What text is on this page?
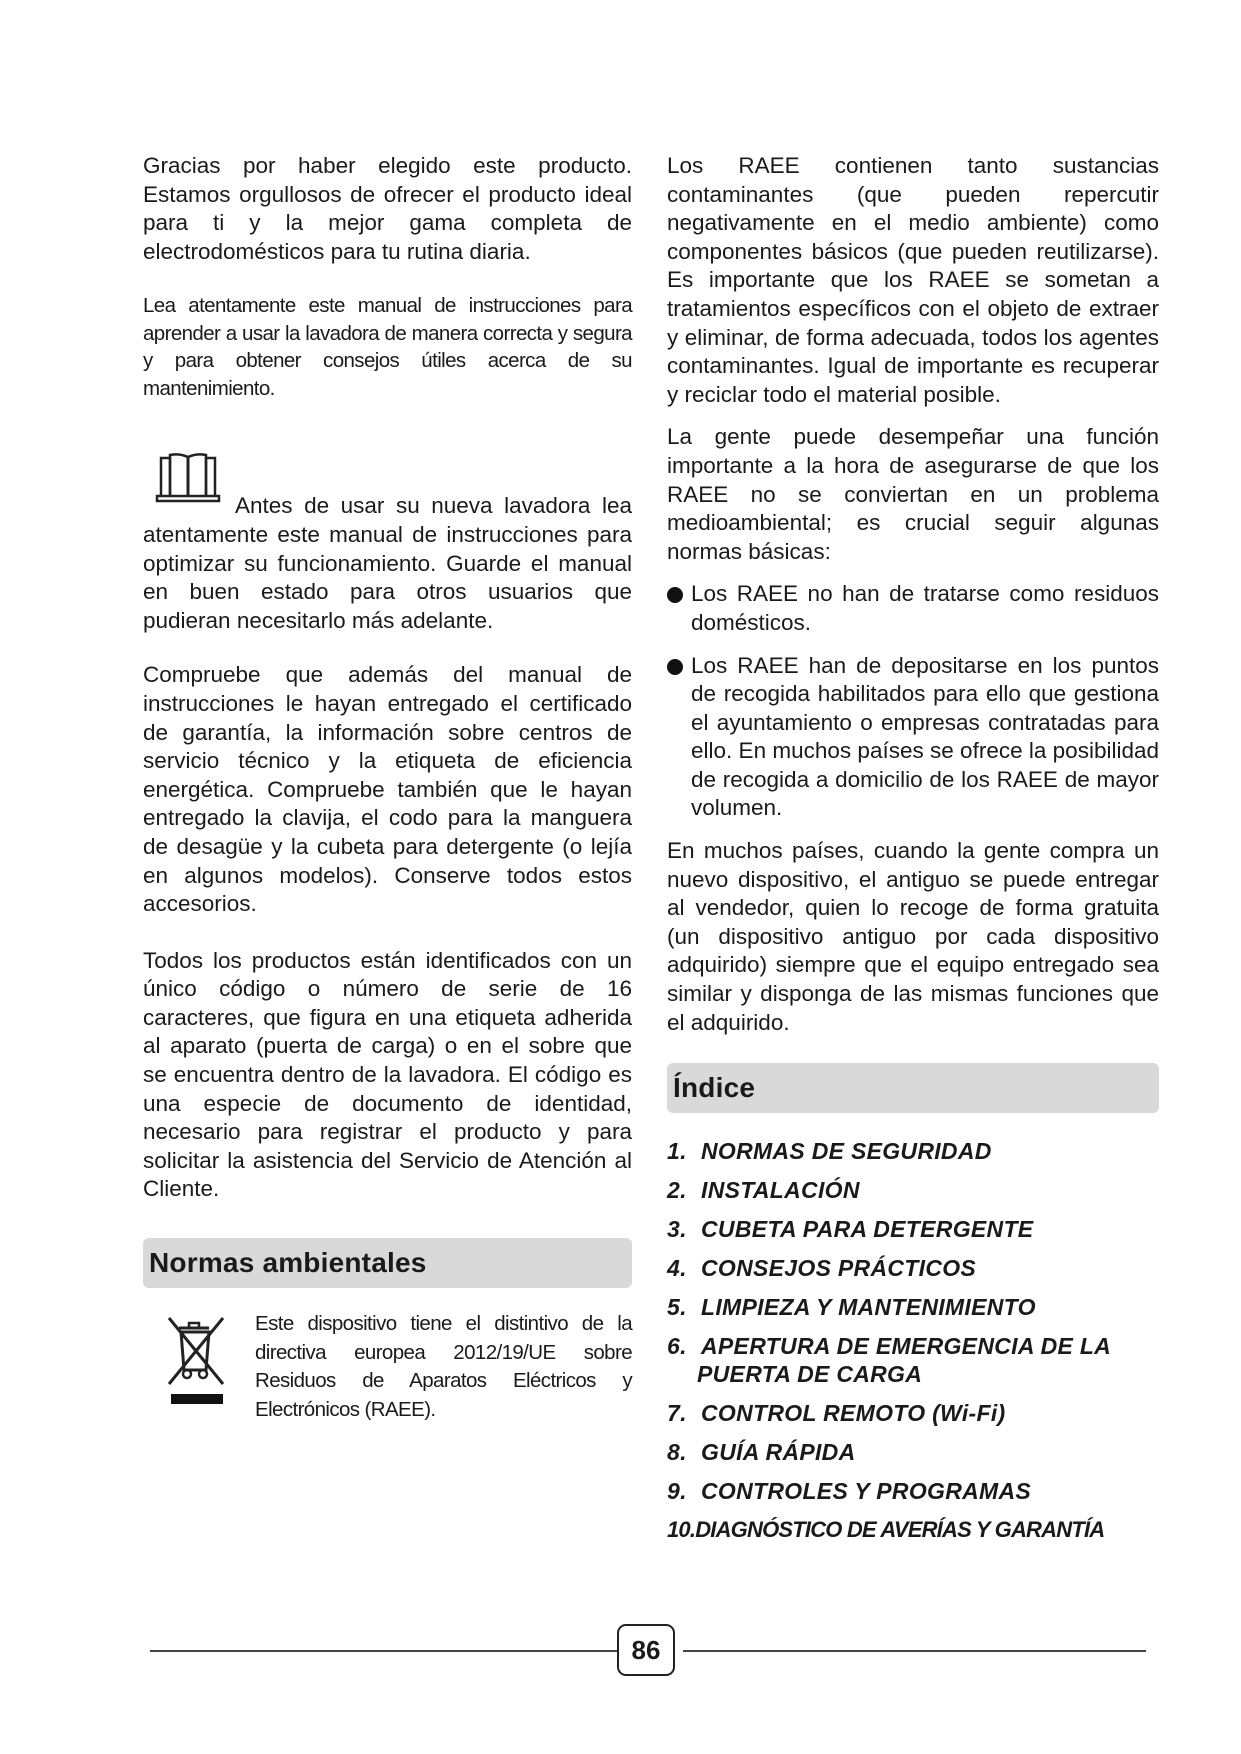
Gracias por haber elegido este producto. Estamos orgullosos de ofrecer el producto ideal para ti y la mejor gama completa de electrodomésticos para tu rutina diaria.

Lea atentamente este manual de instrucciones para aprender a usar la lavadora de manera correcta y segura y para obtener consejos útiles acerca de su mantenimiento.

Antes de usar su nueva lavadora lea atentamente este manual de instrucciones para optimizar su funcionamiento. Guarde el manual en buen estado para otros usuarios que pudieran necesitarlo más adelante.

Compruebe que además del manual de instrucciones le hayan entregado el certificado de garantía, la información sobre centros de servicio técnico y la etiqueta de eficiencia energética. Compruebe también que le hayan entregado la clavija, el codo para la manguera de desagüe y la cubeta para detergente (o lejía en algunos modelos). Conserve todos estos accesorios.

Todos los productos están identificados con un único código o número de serie de 16 caracteres, que figura en una etiqueta adherida al aparato (puerta de carga) o en el sobre que se encuentra dentro de la lavadora. El código es una especie de documento de identidad, necesario para registrar el producto y para solicitar la asistencia del Servicio de Atención al Cliente.

Normas ambientales

Este dispositivo tiene el distintivo de la directiva europea 2012/19/UE sobre Residuos de Aparatos Eléctricos y Electrónicos (RAEE).

Los RAEE contienen tanto sustancias contaminantes (que pueden repercutir negativamente en el medio ambiente) como componentes básicos (que pueden reutilizarse). Es importante que los RAEE se sometan a tratamientos específicos con el objeto de extraer y eliminar, de forma adecuada, todos los agentes contaminantes. Igual de importante es recuperar y reciclar todo el material posible.

La gente puede desempeñar una función importante a la hora de asegurarse de que los RAEE no se conviertan en un problema medioambiental; es crucial seguir algunas normas básicas:

Los RAEE no han de tratarse como residuos domésticos.

Los RAEE han de depositarse en los puntos de recogida habilitados para ello que gestiona el ayuntamiento o empresas contratadas para ello. En muchos países se ofrece la posibilidad de recogida a domicilio de los RAEE de mayor volumen.

En muchos países, cuando la gente compra un nuevo dispositivo, el antiguo se puede entregar al vendedor, quien lo recoge de forma gratuita (un dispositivo antiguo por cada dispositivo adquirido) siempre que el equipo entregado sea similar y disponga de las mismas funciones que el adquirido.

Índice
1. NORMAS DE SEGURIDAD
2. INSTALACIÓN
3. CUBETA PARA DETERGENTE
4. CONSEJOS PRÁCTICOS
5. LIMPIEZA Y MANTENIMIENTO
6. APERTURA DE EMERGENCIA DE LA
PUERTA DE CARGA
7. CONTROL REMOTO (Wi-Fi)
8. GUÍA RÁPIDA
9. CONTROLES Y PROGRAMAS
10.DIAGNÓSTICO DE AVERÍAS Y GARANTÍA
86
